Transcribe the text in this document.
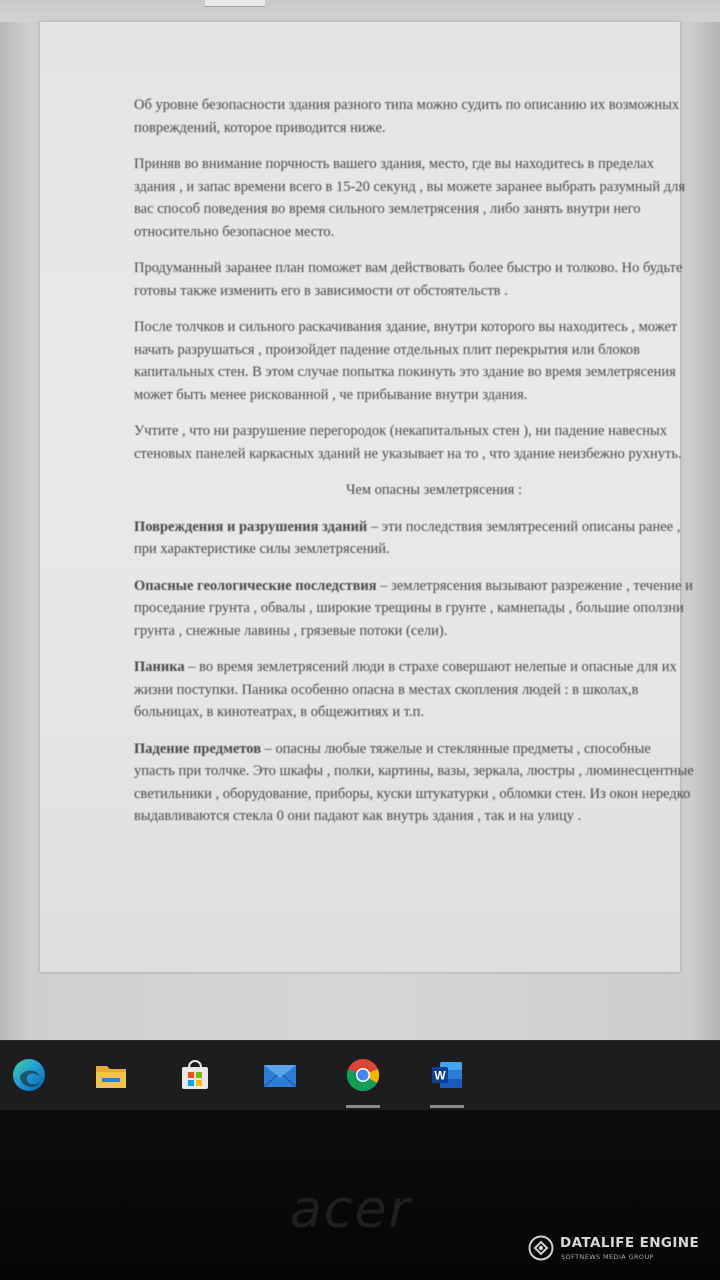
Об уровне безопасности здания разного типа можно судить по описанию их возможных повреждений, которое приводится ниже.

Приняв во внимание порчность вашего здания, место, где вы находитесь в пределах здания , и запас времени всего в 15-20 секунд , вы можете заранее выбрать разумный для вас способ поведения во время сильного землетрясения , либо занять внутри него относительно безопасное место.

Продуманный заранее план поможет вам действовать более быстро и толково. Но будьте готовы также изменить его в зависимости от обстоятельств .

После толчков и сильного раскачивания здание, внутри которого вы находитесь , может начать разрушаться , произойдет падение отдельных плит перекрытия или блоков капитальных стен. В этом случае попытка покинуть это здание во время землетрясения может быть менее рискованной , че прибывание внутри здания.

Учтите , что ни разрушение перегородок (некапитальных стен ), ни падение навесных стеновых панелей каркасных зданий не указывает на то , что здание неизбежно рухнуть.

Чем опасны землетрясения :

Повреждения и разрушения зданий – эти последствия землятресений описаны ранее , при характеристике силы землетрясений.

Опасные геологические последствия – землетрясения вызывают разрежение , течение и проседание грунта , обвалы , широкие трещины в грунте , камнепады , большие оползни грунта , снежные лавины , грязевые потоки (сели).

Паника – во время землетрясений люди в страхе совершают нелепые и опасные для их жизни поступки. Паника особенно опасна в местах скопления людей : в школах,в больницах, в кинотеатрах, в общежитиях и т.п.

Падение предметов – опасны любые тяжелые и стеклянные предметы , способные упасть при толчке. Это шкафы , полки, картины, вазы, зеркала, люстры , люминесцентные светильники , оборудование, приборы, куски штукатурки , обломки стен. Из окон нередко выдавливаются стекла 0 они падают как внутрь здания , так и на улицу .

W
acer
DATALIFE ENGINE
SOFTNEWS MEDIA GROUP
